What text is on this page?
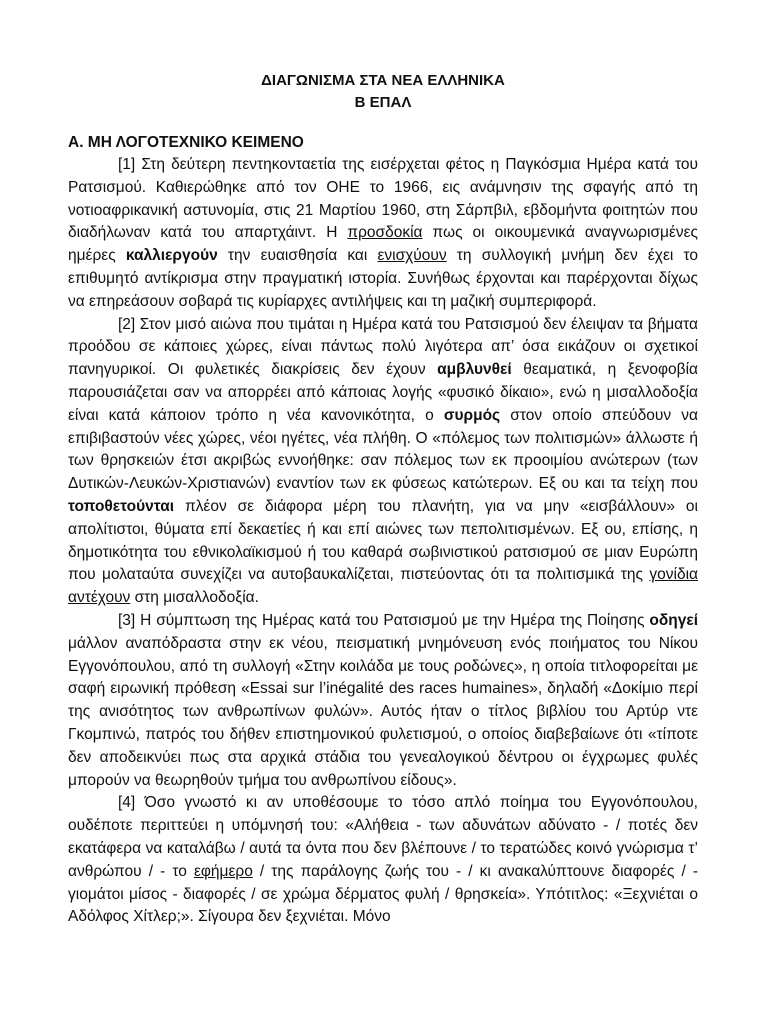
ΔΙΑΓΩΝΙΣΜΑ ΣΤΑ ΝΕΑ ΕΛΛΗΝΙΚΑ

Β ΕΠΑΛ

Α. ΜΗ ΛΟΓΟΤΕΧΝΙΚΟ ΚΕΙΜΕΝΟ

[1] Στη δεύτερη πεντηκονταετία της εισέρχεται φέτος η Παγκόσμια Ημέρα κατά του Ρατσισμού. Καθιερώθηκε από τον ΟΗΕ το 1966, εις ανάμνησιν της σφαγής από τη νοτιοαφρικανική αστυνομία, στις 21 Μαρτίου 1960, στη Σάρπβιλ, εβδομήντα φοιτητών που διαδήλωναν κατά του απαρτχάιντ. Η προσδοκία πως οι οικουμενικά αναγνωρισμένες ημέρες καλλιεργούν την ευαισθησία και ενισχύουν τη συλλογική μνήμη δεν έχει το επιθυμητό αντίκρισμα στην πραγματική ιστορία. Συνήθως έρχονται και παρέρχονται δίχως να επηρεάσουν σοβαρά τις κυρίαρχες αντιλήψεις και τη μαζική συμπεριφορά.

[2] Στον μισό αιώνα που τιμάται η Ημέρα κατά του Ρατσισμού δεν έλειψαν τα βήματα προόδου σε κάποιες χώρες, είναι πάντως πολύ λιγότερα απ’ όσα εικάζουν οι σχετικοί πανηγυρικοί. Οι φυλετικές διακρίσεις δεν έχουν αμβλυνθεί θεαματικά, η ξενοφοβία παρουσιάζεται σαν να απορρέει από κάποιας λογής «φυσικό δίκαιο», ενώ η μισαλλοδοξία είναι κατά κάποιον τρόπο η νέα κανονικότητα, ο συρμός στον οποίο σπεύδουν να επιβιβαστούν νέες χώρες, νέοι ηγέτες, νέα πλήθη. Ο «πόλεμος των πολιτισμών» άλλωστε ή των θρησκειών έτσι ακριβώς εννοήθηκε: σαν πόλεμος των εκ προοιμίου ανώτερων (των Δυτικών-Λευκών-Χριστιανών) εναντίον των εκ φύσεως κατώτερων. Εξ ου και τα τείχη που τοποθετούνται πλέον σε διάφορα μέρη του πλανήτη, για να μην «εισβάλλουν» οι απολίτιστοι, θύματα επί δεκαετίες ή και επί αιώνες των πεπολιτισμένων. Εξ ου, επίσης, η δημοτικότητα του εθνικολαϊκισμού ή του καθαρά σωβινιστικού ρατσισμού σε μιαν Ευρώπη που μολαταύτα συνεχίζει να αυτοβαυκαλίζεται, πιστεύοντας ότι τα πολιτισμικά της γονίδια αντέχουν στη μισαλλοδοξία.

[3] Η σύμπτωση της Ημέρας κατά του Ρατσισμού με την Ημέρα της Ποίησης οδηγεί μάλλον αναπόδραστα στην εκ νέου, πεισματική μνημόνευση ενός ποιήματος του Νίκου Εγγονόπουλου, από τη συλλογή «Στην κοιλάδα με τους ροδώνες», η οποία τιτλοφορείται με σαφή ειρωνική πρόθεση «Essai sur l’inégalité des races humaines», δηλαδή «Δοκίμιο περί της ανισότητος των ανθρωπίνων φυλών». Αυτός ήταν ο τίτλος βιβλίου του Αρτύρ ντε Γκομπινώ, πατρός του δήθεν επιστημονικού φυλετισμού, ο οποίος διαβεβαίωνε ότι «τίποτε δεν αποδεικνύει πως στα αρχικά στάδια του γενεαλογικού δέντρου οι έγχρωμες φυλές μπορούν να θεωρηθούν τμήμα του ανθρωπίνου είδους».

[4] Όσο γνωστό κι αν υποθέσουμε το τόσο απλό ποίημα του Εγγονόπουλου, ουδέποτε περιττεύει η υπόμνησή του: «Αλήθεια - των αδυνάτων αδύνατο - / ποτές δεν εκατάφερα να καταλάβω / αυτά τα όντα που δεν βλέπουνε / το τερατώδες κοινό γνώρισμα τ’ ανθρώπου / - το εφήμερο / της παράλογης ζωής του - / κι ανακαλύπτουνε διαφορές / - γιομάτοι μίσος - διαφορές / σε χρώμα δέρματος φυλή / θρησκεία». Υπότιτλος: «Ξεχνιέται ο Αδόλφος Χίτλερ;». Σίγουρα δεν ξεχνιέται. Μόνο
